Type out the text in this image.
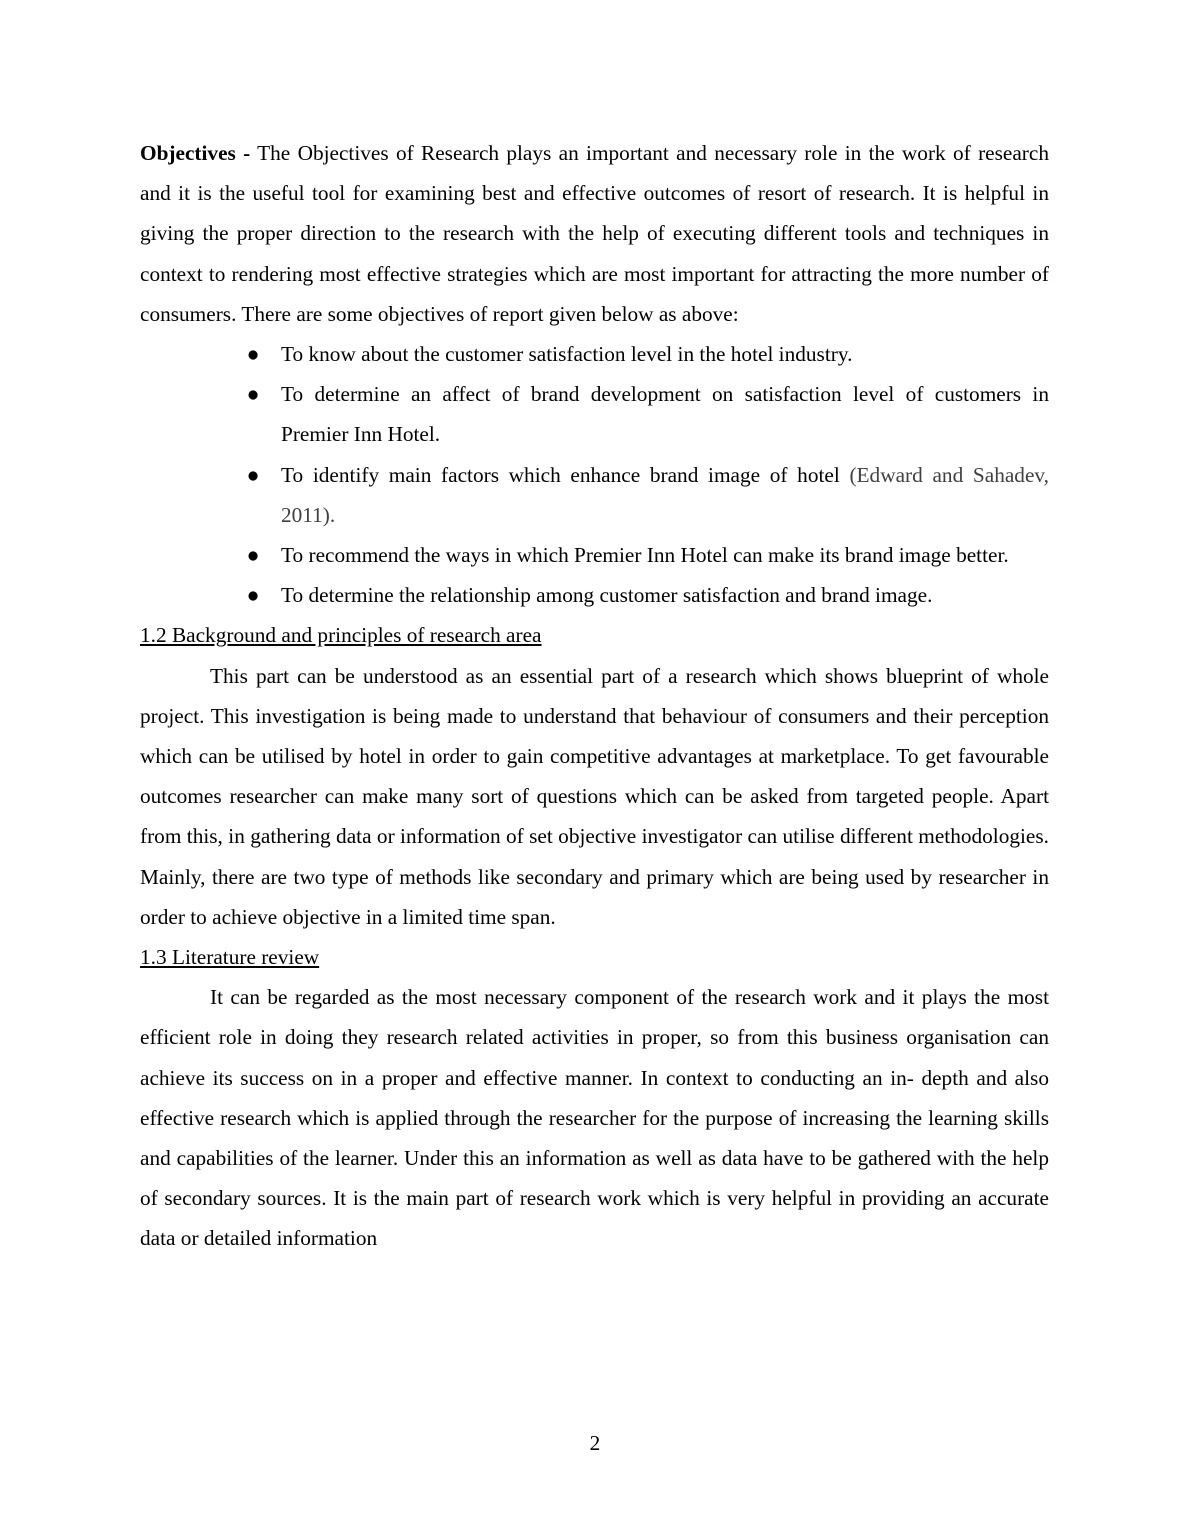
Objectives - The Objectives of Research plays an important and necessary role in the work of research and it is the useful tool for examining best and effective outcomes of resort of research. It is helpful in giving the proper direction to the research with the help of executing different tools and techniques in context to rendering most effective strategies which are most important for attracting the more number of consumers. There are some objectives of report given below as above:

● To know about the customer satisfaction level in the hotel industry.
● To determine an affect of brand development on satisfaction level of customers in Premier Inn Hotel.
● To identify main factors which enhance brand image of hotel (Edward and Sahadev, 2011).
● To recommend the ways in which Premier Inn Hotel can make its brand image better.
● To determine the relationship among customer satisfaction and brand image.

1.2 Background and principles of research area

This part can be understood as an essential part of a research which shows blueprint of whole project. This investigation is being made to understand that behaviour of consumers and their perception which can be utilised by hotel in order to gain competitive advantages at marketplace. To get favourable outcomes researcher can make many sort of questions which can be asked from targeted people. Apart from this, in gathering data or information of set objective investigator can utilise different methodologies. Mainly, there are two type of methods like secondary and primary which are being used by researcher in order to achieve objective in a limited time span.

1.3 Literature review

It can be regarded as the most necessary component of the research work and it plays the most efficient role in doing they research related activities in proper, so from this business organisation can achieve its success on in a proper and effective manner. In context to conducting an in- depth and also effective research which is applied through the researcher for the purpose of increasing the learning skills and capabilities of the learner. Under this an information as well as data have to be gathered with the help of secondary sources. It is the main part of research work which is very helpful in providing an accurate data or detailed information

2
